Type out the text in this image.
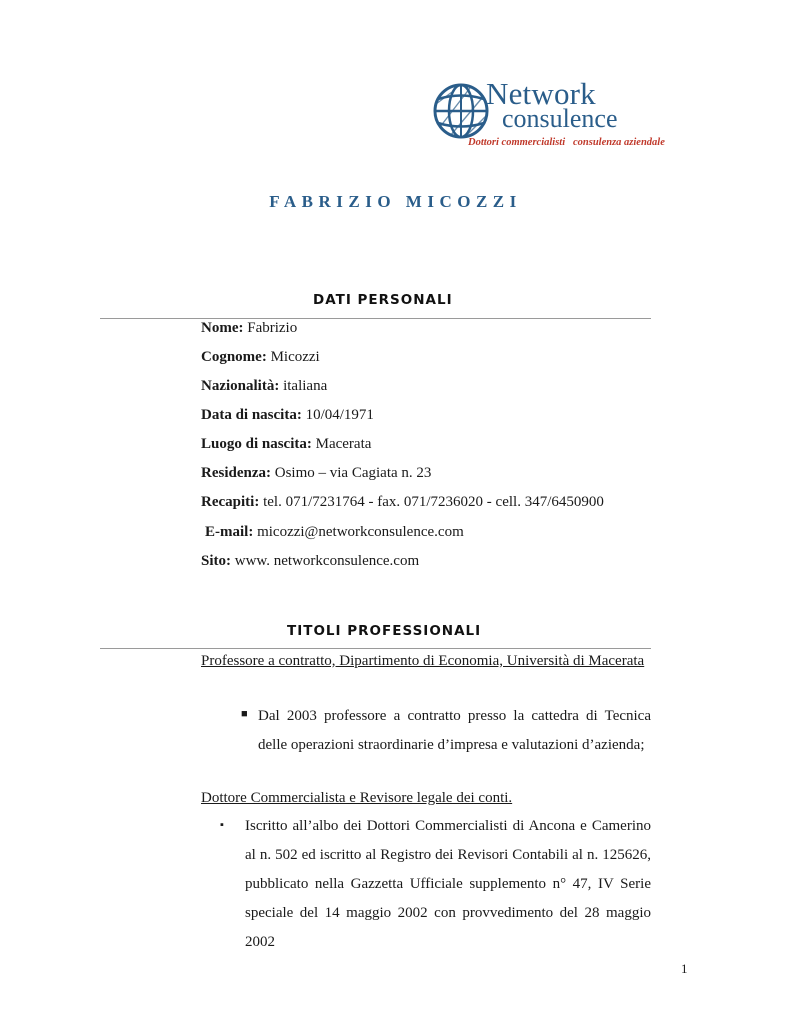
Network
consulence
Dottori commercialisti   consulenza aziendale
FABRIZIO MICOZZI
DATI PERSONALI
Nome: Fabrizio
Cognome: Micozzi
Nazionalità: italiana
Data di nascita: 10/04/1971
Luogo di nascita: Macerata
Residenza: Osimo – via Cagiata n. 23
Recapiti: tel. 071/7231764 - fax. 071/7236020 - cell. 347/6450900
E-mail: micozzi@networkconsulence.com
Sito: www. networkconsulence.com
TITOLI PROFESSIONALI
Professore a contratto, Dipartimento di Economia, Università di Macerata
■ Dal 2003 professore a contratto presso la cattedra di Tecnica delle operazioni straordinarie d’impresa e valutazioni d’azienda;
Dottore Commercialista e Revisore legale dei conti.
▪ Iscritto all’albo dei Dottori Commercialisti di Ancona e Camerino al n. 502 ed iscritto al Registro dei Revisori Contabili al n. 125626, pubblicato nella Gazzetta Ufficiale supplemento n° 47, IV Serie speciale del 14 maggio 2002 con provvedimento del 28 maggio 2002
1
